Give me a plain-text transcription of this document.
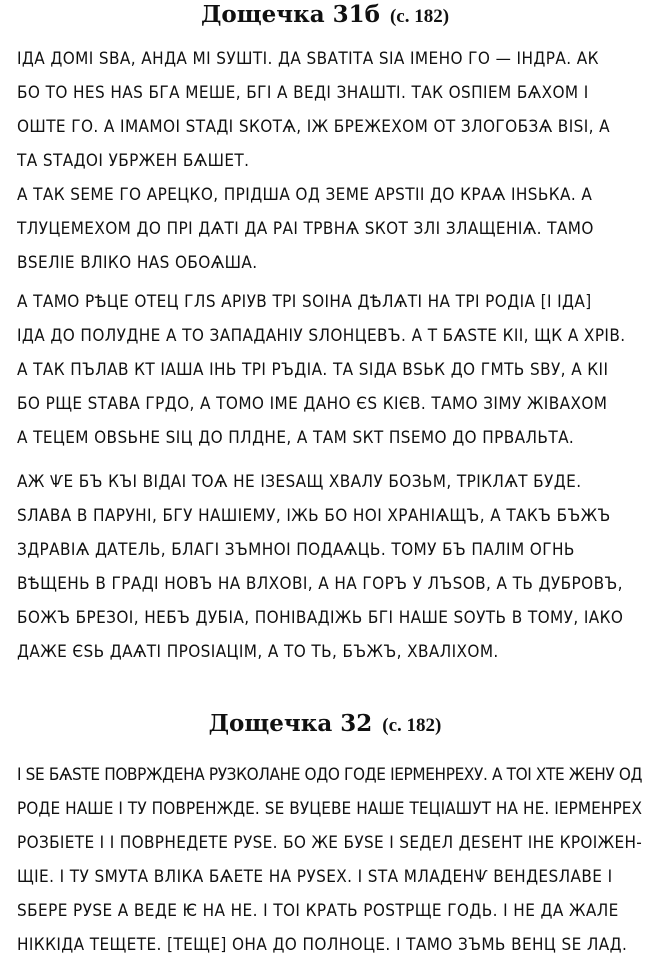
Дощечка 31б (с. 182)
ІДА ДОМІ ЅВА, АНДА МІ ЅУШТІ. ДА ЅВАТІТА ЅІА ІМЕНО ГО — ІНДРА. АК
БО ТО НЕЅ НАЅ БГА МЕШЕ, БГІ А ВЕДІ ЗНАШТІ. ТАК ОЅПІЕМ БѦХОМ І
ОШТЕ ГО. А ІМАМОІ ЅТАДІ ЅКОТѦ, ІЖ БРЕЖЕХОМ ОТ ЗЛОГОБЗѦ ВІЅІ, А
ТА ЅТАДОІ УБРЖЕН БѦШЕТ.
А ТАК ЅЕМЕ ГО АРЕЦКО, ПРІДША ОД ЗЕМЕ АРЅТІІ ДО КРАѦ ІНЅЬКА. А
ТЛУЦЕМЕХОМ ДО ПРІ ДѦТІ ДА РАІ ТРВНѦ ЅКОТ ЗЛІ ЗЛАЩЕНІѦ. ТАМО
ВЅЕЛІЕ ВЛІКО НАЅ ОБОѦША.
А ТАМО РѢЦЕ ОТЕЦ ГЛЅ АРІУВ ТРІ ЅОІНА ДѢЛѦТІ НА ТРІ РОДІА [І ІДА]
ІДА ДО ПОЛУДНЕ А ТО ЗАПАДАНІУ ЅЛОНЦЕВЪ. А Т БѦЅТЕ КІІ, ЩК А ХРІВ.
А ТАК ПЪЛАВ КТ ІАША ІНЬ ТРІ РЪДІА. ТА ЅІДА ВЅЬК ДО ГМТЬ ЅВУ, А КІІ
БО РЩЕ ЅТАВА ГРДО, А ТОМО ІМЕ ДАНО ЄЅ КІЄВ. ТАМО ЗІМУ ЖІВАХОМ
А ТЕЦЕМ ОВЅЬНЕ ЅІЦ ДО ПЛДНЕ, А ТАМ ЅКТ ПЅЕМО ДО ПРВАЛЬТА.
АЖ ѰЕ БЪ КЪІ ВІДАІ ТОѦ НЕ ІЗЕЅАЩ ХВАЛУ БОЗЬМ, ТРІКЛѦТ БУДЕ.
ЅЛАВА В ПАРУНІ, БГУ НАШІЕМУ, ІЖЬ БО НОІ ХРАНІѦЩЪ, А ТАКЪ БЪЖЪ
ЗДРАВІѦ ДАТЕЛЬ, БЛАГІ ЗЪМНОІ ПОДАѦЦЬ. ТОМУ БЪ ПАЛІМ ОГНЬ
ВѢЩЕНЬ В ГРАДІ НОВЪ НА ВЛХОВІ, А НА ГОРЪ У ЛЪЅОВ, А ТЬ ДУБРОВЪ,
БОЖЪ БРЕЗОІ, НЕБЪ ДУБІА, ПОНІВАДІЖЬ БГІ НАШЕ ЅОУТЬ В ТОМУ, ІАКО
ДАЖЕ ЄЅЬ ДАѦТІ ПРОЅІАЦІМ, А ТО ТЬ, БЪЖЪ, ХВАЛІХОМ.
Дощечка 32 (с. 182)
І ЅЕ БѦЅТЕ ПОВРЖДЕНА РУЗКОЛАНЕ ОДО ГОДЕ ІЕРМЕНРЕХУ. А ТОІ ХТЕ ЖЕНУ ОД
РОДЕ НАШЕ І ТУ ПОВРЕНЖДЕ. ЅЕ ВУЦЕВЕ НАШЕ ТЕЦІАШУТ НА НЕ. ІЕРМЕНРЕХ
РОЗБІЕТЕ І І ПОВРНЕДЕТЕ РУЅЕ. БО ЖЕ БУЅЕ І ЅЕДЕЛ ДЕЅЕНТ ІНЕ КРОІЖЕН-
ЩІЕ. І ТУ ЅМУТА ВЛІКА БѦЕТЕ НА РУЅЕХ. І ЅТА МЛАДЕНѰ ВЕНДЕЅЛАВЕ І
ЅБЕРЕ РУЅЕ А ВЕДЕ Ѥ НА НЕ. І ТОІ КРАТЬ РОЅТРЩЕ ГОДЬ. І НЕ ДА ЖАЛЕ
НІККІДА ТЕЩЕТЕ. [ТЕЩЕ] ОНА ДО ПОЛНОЦЕ. І ТАМО ЗЪМЬ ВЕНЦ ЅЕ ЛАД.
